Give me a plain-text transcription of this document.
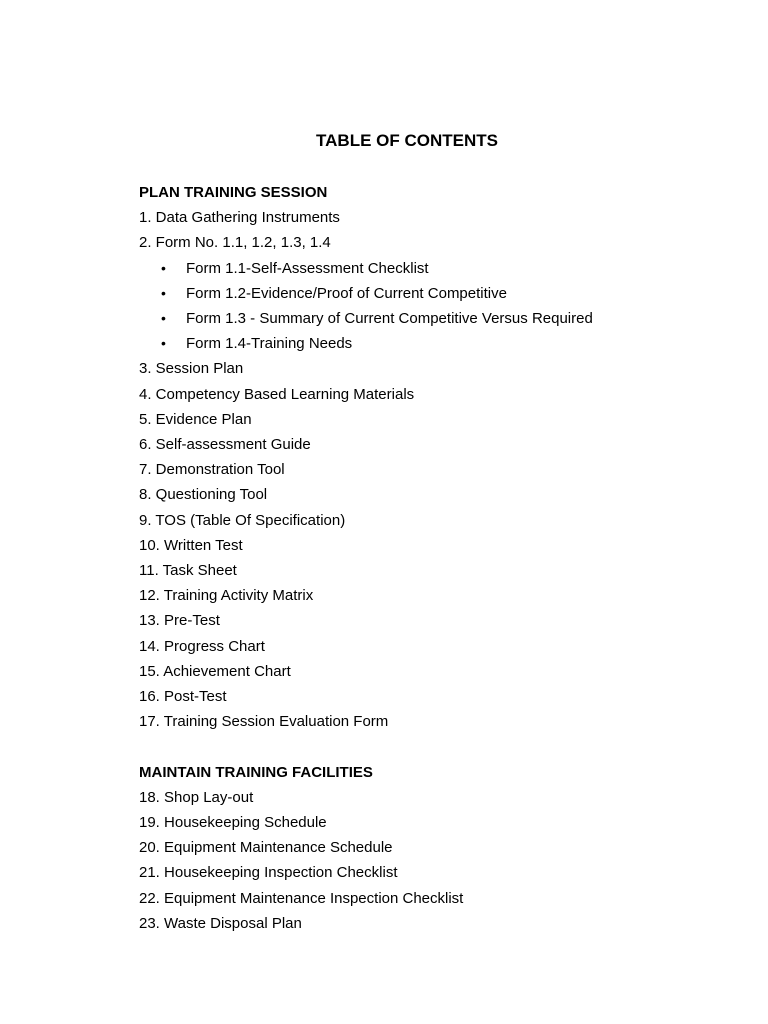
TABLE OF CONTENTS

PLAN TRAINING SESSION

1. Data Gathering Instruments
2. Form No. 1.1, 1.2, 1.3, 1.4
• Form 1.1-Self-Assessment Checklist
• Form 1.2-Evidence/Proof of Current Competitive
• Form 1.3 - Summary of Current Competitive Versus Required
• Form 1.4-Training Needs
3. Session Plan
4. Competency Based Learning Materials
5. Evidence Plan
6. Self-assessment Guide
7. Demonstration Tool
8. Questioning Tool
9. TOS (Table Of Specification)
10. Written Test
11. Task Sheet
12. Training Activity Matrix
13. Pre-Test
14. Progress Chart
15. Achievement Chart
16. Post-Test
17. Training Session Evaluation Form

MAINTAIN TRAINING FACILITIES

18. Shop Lay-out
19. Housekeeping Schedule
20. Equipment Maintenance Schedule
21. Housekeeping Inspection Checklist
22. Equipment Maintenance Inspection Checklist
23. Waste Disposal Plan
